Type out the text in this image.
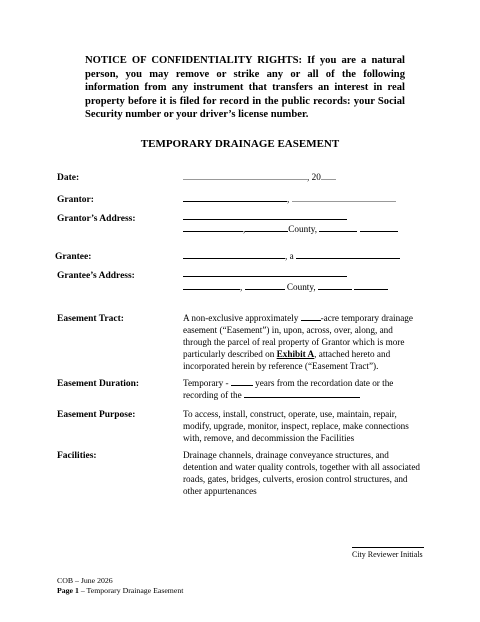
NOTICE OF CONFIDENTIALITY RIGHTS: If you are a natural person, you may remove or strike any or all of the following information from any instrument that transfers an interest in real property before it is filed for record in the public records: your Social Security number or your driver’s license number.
TEMPORARY DRAINAGE EASEMENT
Date:	, 20
Grantor:	,
Grantor’s Address:
,	County,
Grantee:	, a
Grantee’s Address:
,	County,
Easement Tract:	A non-exclusive approximately -acre temporary drainage easement (“Easement”) in, upon, across, over, along, and through the parcel of real property of Grantor which is more particularly described on Exhibit A, attached hereto and incorporated herein by reference (“Easement Tract”).
Easement Duration:	Temporary -  years from the recordation date or the recording of the
Easement Purpose:	To access, install, construct, operate, use, maintain, repair, modify, upgrade, monitor, inspect, replace, make connections with, remove, and decommission the Facilities
Facilities:	Drainage channels, drainage conveyance structures, and detention and water quality controls, together with all associated roads, gates, bridges, culverts, erosion control structures, and other appurtenances
City Reviewer Initials
COB – June 2026
Page 1 – Temporary Drainage Easement
